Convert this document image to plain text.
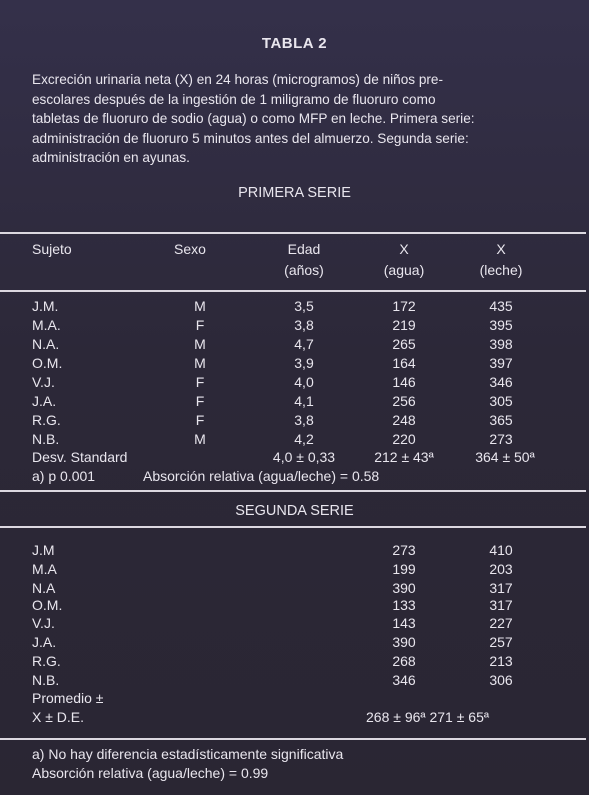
TABLA 2

Excreción urinaria neta (X) en 24 horas (microgramos) de niños pre-

escolares después de la ingestión de 1 miligramo de fluoruro como

tabletas de fluoruro de sodio (agua) o como MFP en leche. Primera serie:

administración de fluoruro 5 minutos antes del almuerzo. Segunda serie:

administración en ayunas.

PRIMERA SERIE
Sujeto	Sexo	Edad	X	X
(años)	(agua)	(leche)
J.M.	M	3,5	172	435
M.A.	F	3,8	219	395
N.A.	M	4,7	265	398
O.M.	M	3,9	164	397
V.J.	F	4,0	146	346
J.A.	F	4,1	256	305
R.G.	F	3,8	248	365
N.B.	M	4,2	220	273
Desv. Standard	4,0 ± 0,33	212 ± 43ª	364 ± 50ª
a) p 0.001	Absorción relativa (agua/leche) = 0.58
SEGUNDA SERIE
J.M	273	410
M.A	199	203
N.A	390	317
O.M.	133	317
V.J.	143	227
J.A.	390	257
R.G.	268	213
N.B.	346	306
Promedio ±
X ± D.E.	268 ± 96ª 271 ± 65ª
a) No hay diferencia estadísticamente significativa
Absorción relativa (agua/leche) = 0.99
